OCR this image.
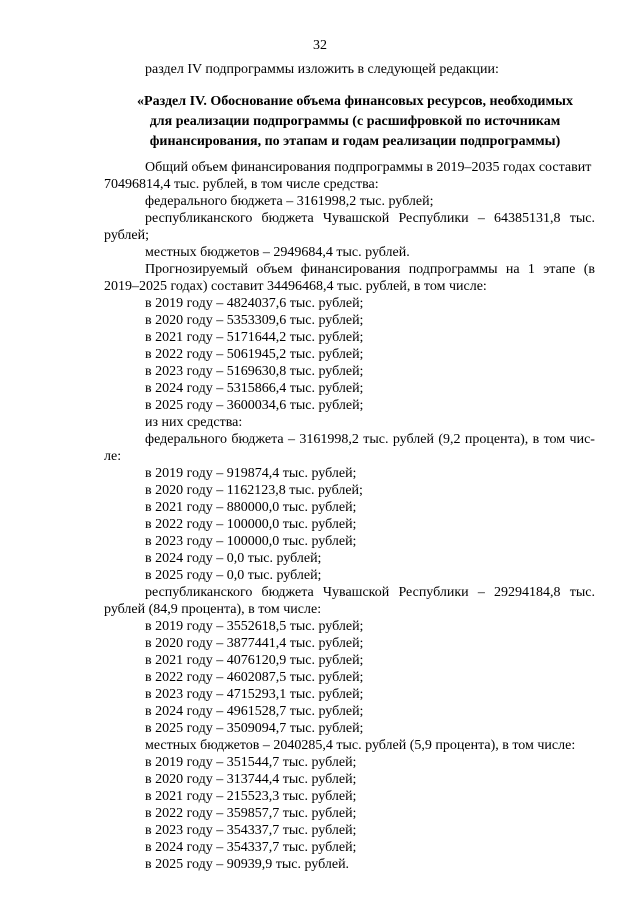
32
раздел IV подпрограммы изложить в следующей редакции:
«Раздел IV. Обоснование объема финансовых ресурсов, необходимых
для реализации подпрограммы (с расшифровкой по источникам
финансирования, по этапам и годам реализации подпрограммы)
Общий объем финансирования подпрограммы в 2019–2035 годах составит
70496814,4 тыс. рублей, в том числе средства:
федерального бюджета – 3161998,2 тыс. рублей;
республиканского бюджета Чувашской Республики – 64385131,8 тыс.
рублей;
местных бюджетов – 2949684,4 тыс. рублей.
Прогнозируемый объем финансирования подпрограммы на 1 этапе (в
2019–2025 годах) составит 34496468,4 тыс. рублей, в том числе:
в 2019 году – 4824037,6 тыс. рублей;
в 2020 году – 5353309,6 тыс. рублей;
в 2021 году – 5171644,2 тыс. рублей;
в 2022 году – 5061945,2 тыс. рублей;
в 2023 году – 5169630,8 тыс. рублей;
в 2024 году – 5315866,4 тыс. рублей;
в 2025 году – 3600034,6 тыс. рублей;
из них средства:
федерального бюджета – 3161998,2 тыс. рублей (9,2 процента), в том чис-
ле:
в 2019 году – 919874,4 тыс. рублей;
в 2020 году – 1162123,8 тыс. рублей;
в 2021 году – 880000,0 тыс. рублей;
в 2022 году – 100000,0 тыс. рублей;
в 2023 году – 100000,0 тыс. рублей;
в 2024 году – 0,0 тыс. рублей;
в 2025 году – 0,0 тыс. рублей;
республиканского бюджета Чувашской Республики – 29294184,8 тыс.
рублей (84,9 процента), в том числе:
в 2019 году – 3552618,5 тыс. рублей;
в 2020 году – 3877441,4 тыс. рублей;
в 2021 году – 4076120,9 тыс. рублей;
в 2022 году – 4602087,5 тыс. рублей;
в 2023 году – 4715293,1 тыс. рублей;
в 2024 году – 4961528,7 тыс. рублей;
в 2025 году – 3509094,7 тыс. рублей;
местных бюджетов – 2040285,4 тыс. рублей (5,9 процента), в том числе:
в 2019 году – 351544,7 тыс. рублей;
в 2020 году – 313744,4 тыс. рублей;
в 2021 году – 215523,3 тыс. рублей;
в 2022 году – 359857,7 тыс. рублей;
в 2023 году – 354337,7 тыс. рублей;
в 2024 году – 354337,7 тыс. рублей;
в 2025 году – 90939,9 тыс. рублей.
